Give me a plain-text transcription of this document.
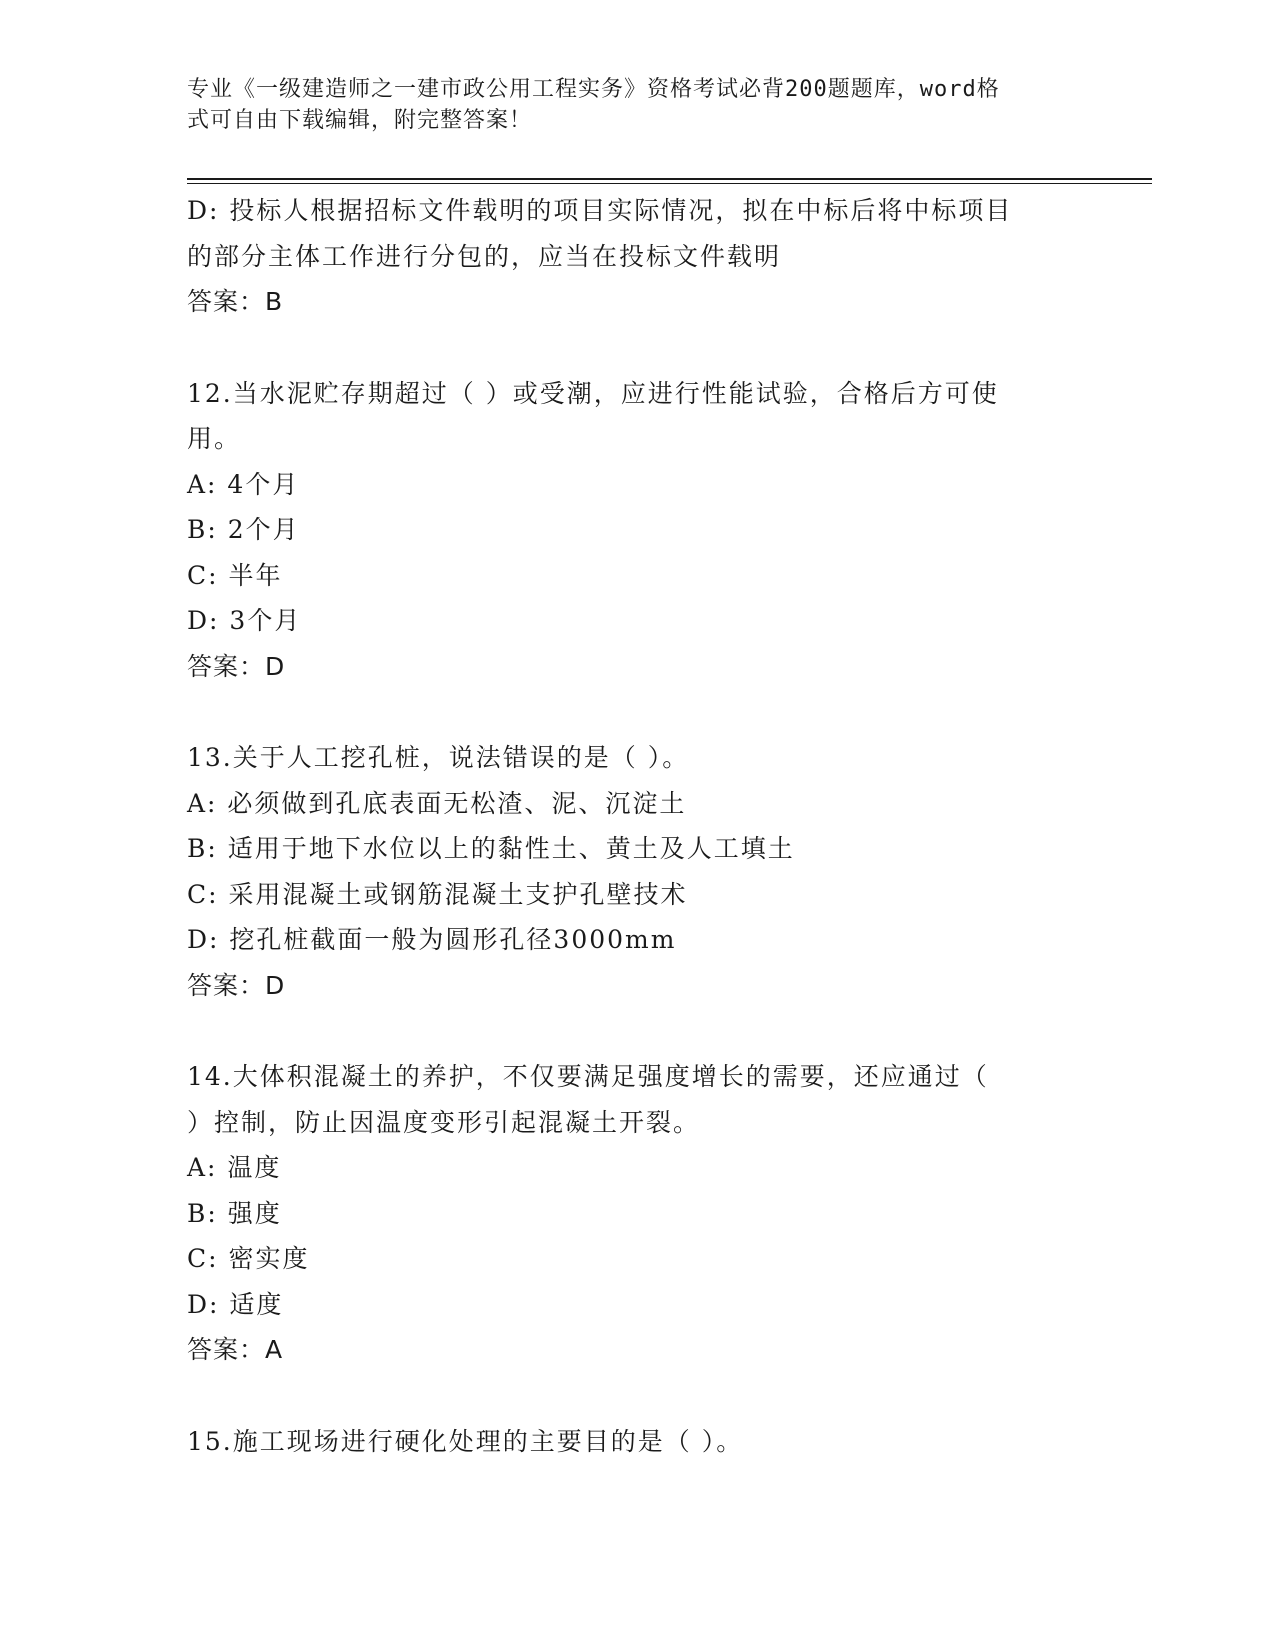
专业《一级建造师之一建市政公用工程实务》资格考试必背200题题库，word格
式可自由下载编辑，附完整答案！
D: 投标人根据招标文件载明的项目实际情况，拟在中标后将中标项目
的部分主体工作进行分包的，应当在投标文件载明
答案：B
12.当水泥贮存期超过（ ）或受潮，应进行性能试验，合格后方可使
用。
A: 4个月
B: 2个月
C: 半年
D: 3个月
答案：D
13.关于人工挖孔桩，说法错误的是（ ）。
A: 必须做到孔底表面无松渣、泥、沉淀土
B: 适用于地下水位以上的黏性土、黄土及人工填土
C: 采用混凝土或钢筋混凝土支护孔壁技术
D: 挖孔桩截面一般为圆形孔径3000mm
答案：D
14.大体积混凝土的养护，不仅要满足强度增长的需要，还应通过（
）控制，防止因温度变形引起混凝土开裂。
A: 温度
B: 强度
C: 密实度
D: 适度
答案：A
15.施工现场进行硬化处理的主要目的是（ ）。
